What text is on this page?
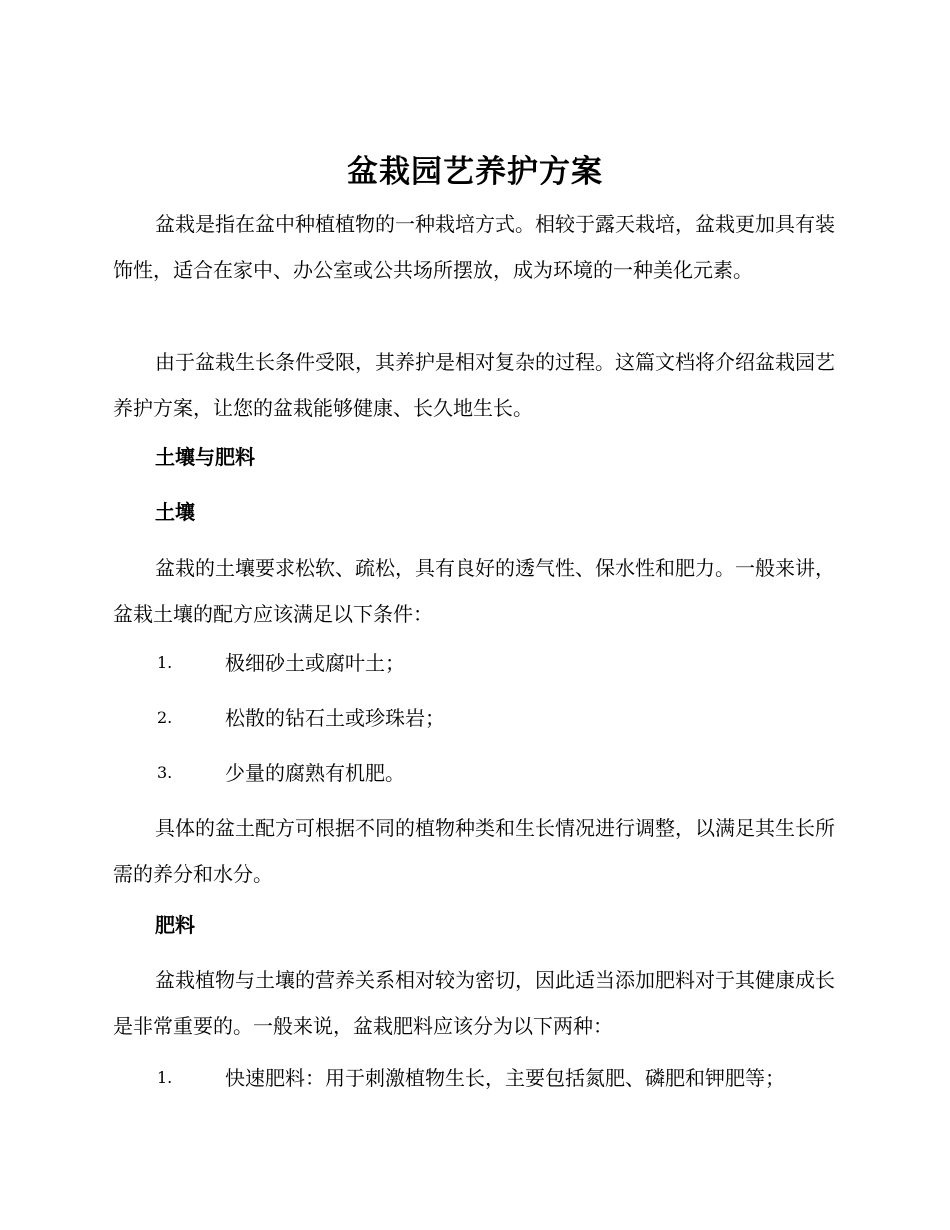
盆栽园艺养护方案

盆栽是指在盆中种植植物的一种栽培方式。相较于露天栽培，盆栽更加具有装饰性，适合在家中、办公室或公共场所摆放，成为环境的一种美化元素。

由于盆栽生长条件受限，其养护是相对复杂的过程。这篇文档将介绍盆栽园艺养护方案，让您的盆栽能够健康、长久地生长。

土壤与肥料
土壤

盆栽的土壤要求松软、疏松，具有良好的透气性、保水性和肥力。一般来讲，盆栽土壤的配方应该满足以下条件：

1.	极细砂土或腐叶土；
2.	松散的钻石土或珍珠岩；
3.	少量的腐熟有机肥。

具体的盆土配方可根据不同的植物种类和生长情况进行调整，以满足其生长所需的养分和水分。

肥料

盆栽植物与土壤的营养关系相对较为密切，因此适当添加肥料对于其健康成长是非常重要的。一般来说，盆栽肥料应该分为以下两种：

1.	快速肥料：用于刺激植物生长，主要包括氮肥、磷肥和钾肥等；
